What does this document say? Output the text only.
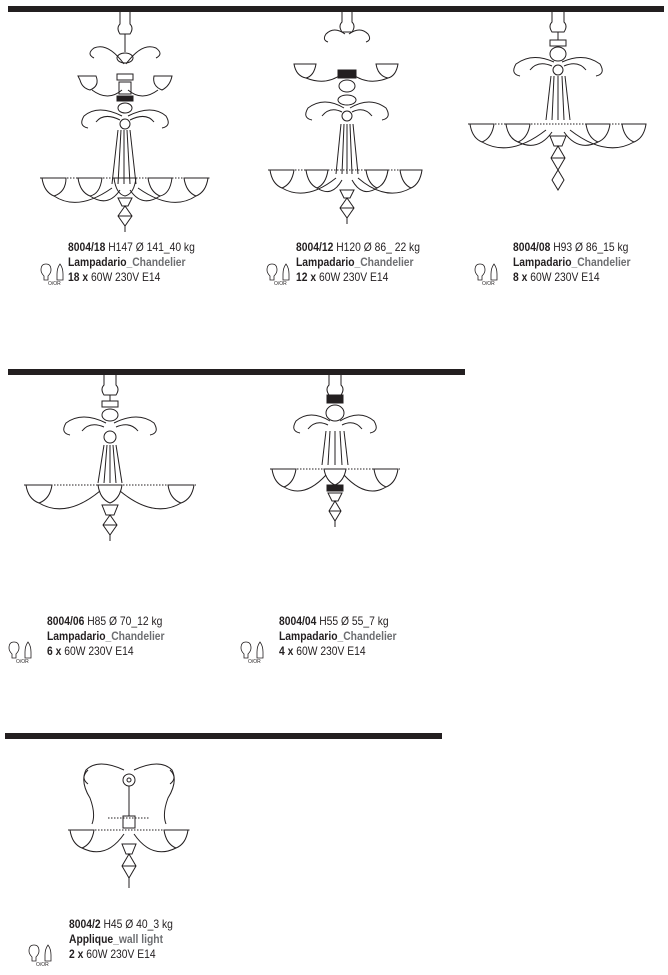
8004/18 H147 Ø 141_40 kg
Lampadario_Chandelier
18 x 60W 230V E14
O/OR
8004/12 H120 Ø 86_ 22 kg
Lampadario_Chandelier
12 x 60W 230V E14
O/OR
8004/08 H93 Ø 86_15 kg
Lampadario_Chandelier
8 x 60W 230V E14
O/OR
8004/06 H85 Ø 70_12 kg
Lampadario_Chandelier
6 x 60W 230V E14
O/OR
8004/04 H55 Ø 55_7 kg
Lampadario_Chandelier
4 x 60W 230V E14
O/OR
8004/2 H45 Ø 40_3 kg
Applique_wall light
2 x 60W 230V E14
O/OR
